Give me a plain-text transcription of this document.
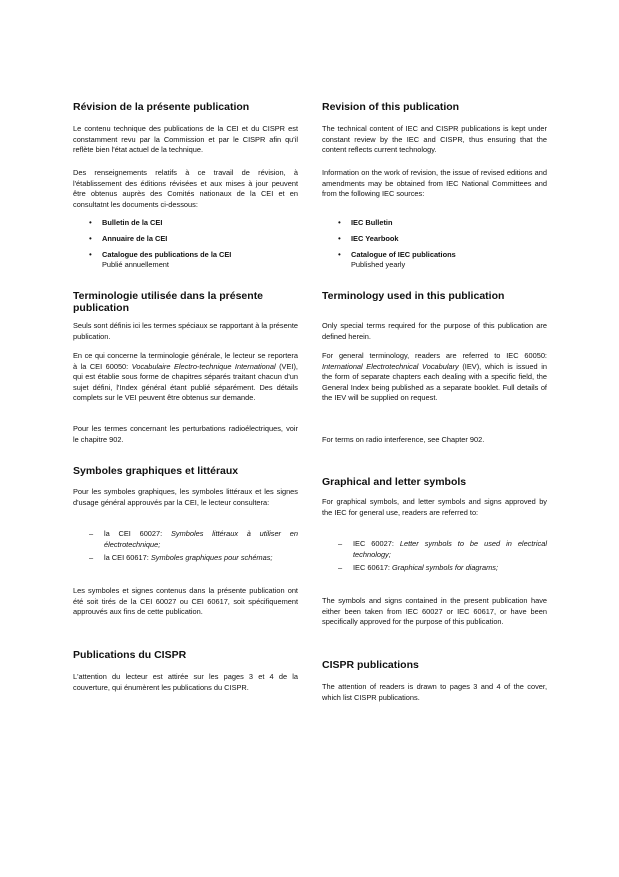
Révision de la présente publication

Le contenu technique des publications de la CEI et du CISPR est constamment revu par la Commission et par le CISPR afin qu'il reflète bien l'état actuel de la technique.

Des renseignements relatifs à ce travail de révision, à l'établissement des éditions révisées et aux mises à jour peuvent être obtenus auprès des Comités nationaux de la CEI et en consultatnt les documents ci-dessous:

• Bulletin de la CEI
• Annuaire de la CEI
• Catalogue des publications de la CEI
Publié annuellement
Terminologie utilisée dans la présente publication

Seuls sont définis ici les termes spéciaux se rapportant à la présente publication.

En ce qui concerne la terminologie générale, le lecteur se reportera à la CEI 60050: Vocabulaire Electro-technique International (VEI), qui est établie sous forme de chapitres séparés traitant chacun d'un sujet défini, l'Index général étant publié séparément. Des détails complets sur le VEI peuvent être obtenus sur demande.

Pour les termes concernant les perturbations radioélectriques, voir le chapitre 902.

Symboles graphiques et littéraux

Pour les symboles graphiques, les symboles littéraux et les signes d'usage général approuvés par la CEI, le lecteur consultera:

– la CEI 60027: Symboles littéraux à utiliser en électrotechnique;
– la CEI 60617: Symboles graphiques pour schémas;

Les symboles et signes contenus dans la présente publication ont été soit tirés de la CEI 60027 ou CEI 60617, soit spécifiquement approuvés aux fins de cette publication.

Publications du CISPR

L'attention du lecteur est attirée sur les pages 3 et 4 de la couverture, qui énumèrent les publications du CISPR.

Revision of this publication

The technical content of IEC and CISPR publications is kept under constant review by the IEC and CISPR, thus ensuring that the content reflects current technology.

Information on the work of revision, the issue of revised editions and amendments may be obtained from IEC National Committees and from the following IEC sources:

• IEC Bulletin
• IEC Yearbook
• Catalogue of IEC publications
Published yearly
Terminology used in this publication

Only special terms required for the purpose of this publication are defined herein.

For general terminology, readers are referred to IEC 60050: International Electrotechnical Vocabulary (IEV), which is issued in the form of separate chapters each dealing with a specific field, the General Index being published as a separate booklet. Full details of the IEV will be supplied on request.

For terms on radio interference, see Chapter 902.

Graphical and letter symbols

For graphical symbols, and letter symbols and signs approved by the IEC for general use, readers are referred to:

– IEC 60027: Letter symbols to be used in electrical technology;
– IEC 60617: Graphical symbols for diagrams;

The symbols and signs contained in the present publication have either been taken from IEC 60027 or IEC 60617, or have been specifically approved for the purpose of this publication.

CISPR publications

The attention of readers is drawn to pages 3 and 4 of the cover, which list CISPR publications.
